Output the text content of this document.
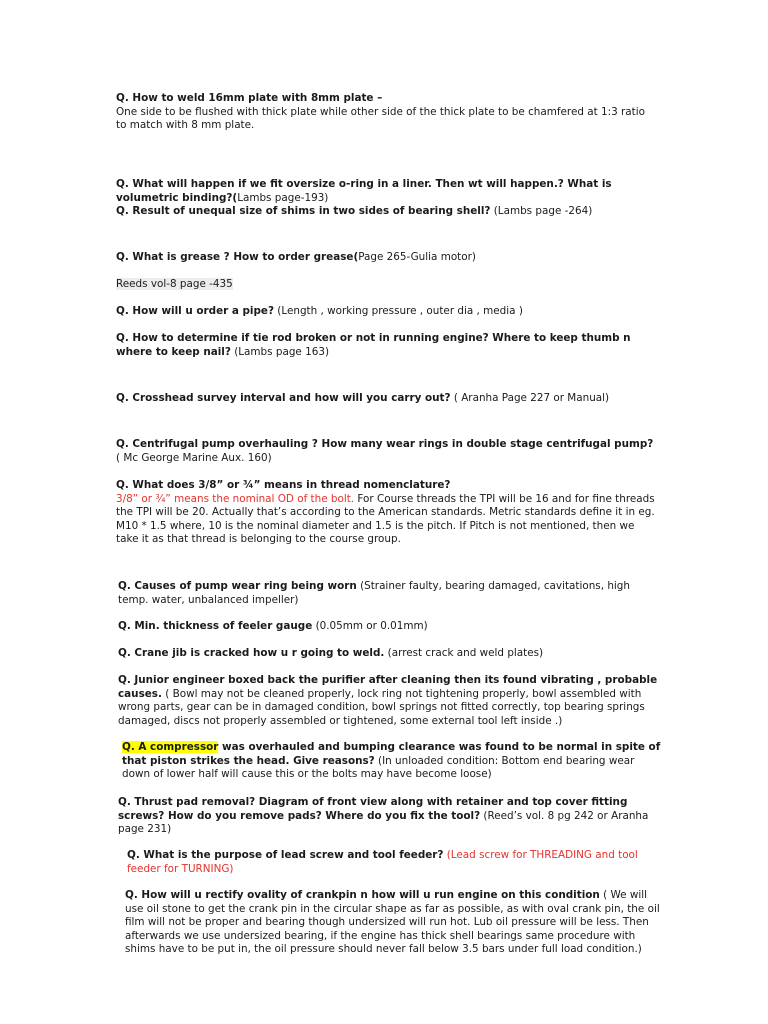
Q. How to weld 16mm plate with 8mm plate –
One side to be flushed with thick plate while other side of the thick plate to be chamfered at 1:3 ratio to match with 8 mm plate.

Q. What will happen if we fit oversize o-ring in a liner. Then wt will happen.? What is volumetric binding?(Lambs page-193)
Q. Result of unequal size of shims in two sides of bearing shell? (Lambs page -264)

Q. What is grease ? How to order grease(Page 265-Gulia motor)

Reeds vol-8 page -435

Q. How will u order a pipe? (Length , working pressure , outer dia , media )

Q. How to determine if tie rod broken or not in running engine? Where to keep thumb n where to keep nail? (Lambs page 163)

Q. Crosshead survey interval and how will you carry out? ( Aranha Page 227 or Manual)

Q. Centrifugal pump overhauling ? How many wear rings in double stage centrifugal pump? ( Mc George Marine Aux. 160)

Q. What does 3/8” or ¾” means in thread nomenclature?
3/8” or ¾” means the nominal OD of the bolt. For Course threads the TPI will be 16 and for fine threads the TPI will be 20. Actually that’s according to the American standards. Metric standards define it in eg. M10 * 1.5 where, 10 is the nominal diameter and 1.5 is the pitch. If Pitch is not mentioned, then we take it as that thread is belonging to the course group.

Q. Causes of pump wear ring being worn (Strainer faulty, bearing damaged, cavitations, high temp. water, unbalanced impeller)

Q. Min. thickness of feeler gauge (0.05mm or 0.01mm)

Q. Crane jib is cracked how u r going to weld. (arrest crack and weld plates)

Q. Junior engineer boxed back the purifier after cleaning then its found vibrating , probable causes. ( Bowl may not be cleaned properly, lock ring not tightening properly, bowl assembled with wrong parts, gear can be in damaged condition, bowl springs not fitted correctly, top bearing springs damaged, discs not properly assembled or tightened, some external tool left inside .)

Q. A compressor was overhauled and bumping clearance was found to be normal in spite of that piston strikes the head. Give reasons? (In unloaded condition: Bottom end bearing wear down of lower half will cause this or the bolts may have become loose)

Q. Thrust pad removal? Diagram of front view along with retainer and top cover fitting screws? How do you remove pads? Where do you fix the tool? (Reed’s vol. 8 pg 242 or Aranha page 231)

Q. What is the purpose of lead screw and tool feeder? (Lead screw for THREADING and tool feeder for TURNING)

Q. How will u rectify ovality of crankpin n how will u run engine on this condition ( We will use oil stone to get the crank pin in the circular shape as far as possible, as with oval crank pin, the oil film will not be proper and bearing though undersized will run hot. Lub oil pressure will be less. Then afterwards we use undersized bearing, if the engine has thick shell bearings same procedure with shims have to be put in, the oil pressure should never fall below 3.5 bars under full load condition.)
